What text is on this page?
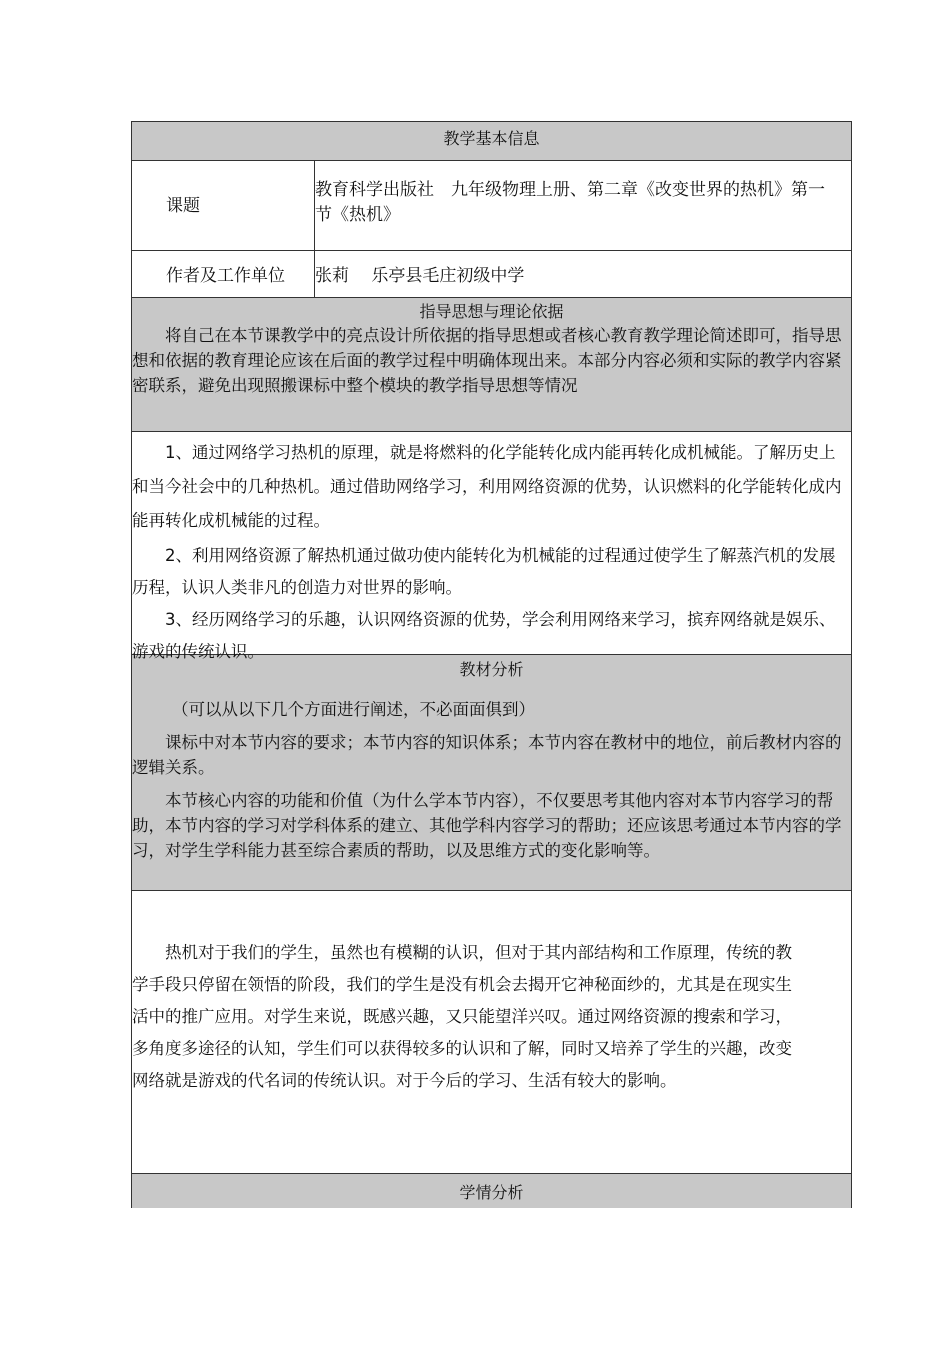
教学基本信息
课题
教育科学出版社　九年级物理上册、第二章《改变世界的热机》第一节《热机》
作者及工作单位	张莉　 乐亭县毛庄初级中学
指导思想与理论依据
将自己在本节课教学中的亮点设计所依据的指导思想或者核心教育教学理论简述即可，指导思想和依据的教育理论应该在后面的教学过程中明确体现出来。本部分内容必须和实际的教学内容紧密联系，避免出现照搬课标中整个模块的教学指导思想等情况
1、通过网络学习热机的原理，就是将燃料的化学能转化成内能再转化成机械能。了解历史上和当今社会中的几种热机。通过借助网络学习，利用网络资源的优势，认识燃料的化学能转化成内能再转化成机械能的过程。
2、利用网络资源了解热机通过做功使内能转化为机械能的过程通过使学生了解蒸汽机的发展历程，认识人类非凡的创造力对世界的影响。
3、经历网络学习的乐趣，认识网络资源的优势，学会利用网络来学习，摈弃网络就是娱乐、游戏的传统认识。
教材分析
（可以从以下几个方面进行阐述，不必面面俱到）
课标中对本节内容的要求；本节内容的知识体系；本节内容在教材中的地位，前后教材内容的逻辑关系。
本节核心内容的功能和价值（为什么学本节内容），不仅要思考其他内容对本节内容学习的帮助，本节内容的学习对学科体系的建立、其他学科内容学习的帮助；还应该思考通过本节内容的学习，对学生学科能力甚至综合素质的帮助，以及思维方式的变化影响等。
热机对于我们的学生，虽然也有模糊的认识，但对于其内部结构和工作原理，传统的教学手段只停留在领悟的阶段，我们的学生是没有机会去揭开它神秘面纱的，尤其是在现实生活中的推广应用。对学生来说，既感兴趣，又只能望洋兴叹。通过网络资源的搜索和学习，多角度多途径的认知，学生们可以获得较多的认识和了解，同时又培养了学生的兴趣，改变网络就是游戏的代名词的传统认识。对于今后的学习、生活有较大的影响。
学情分析
